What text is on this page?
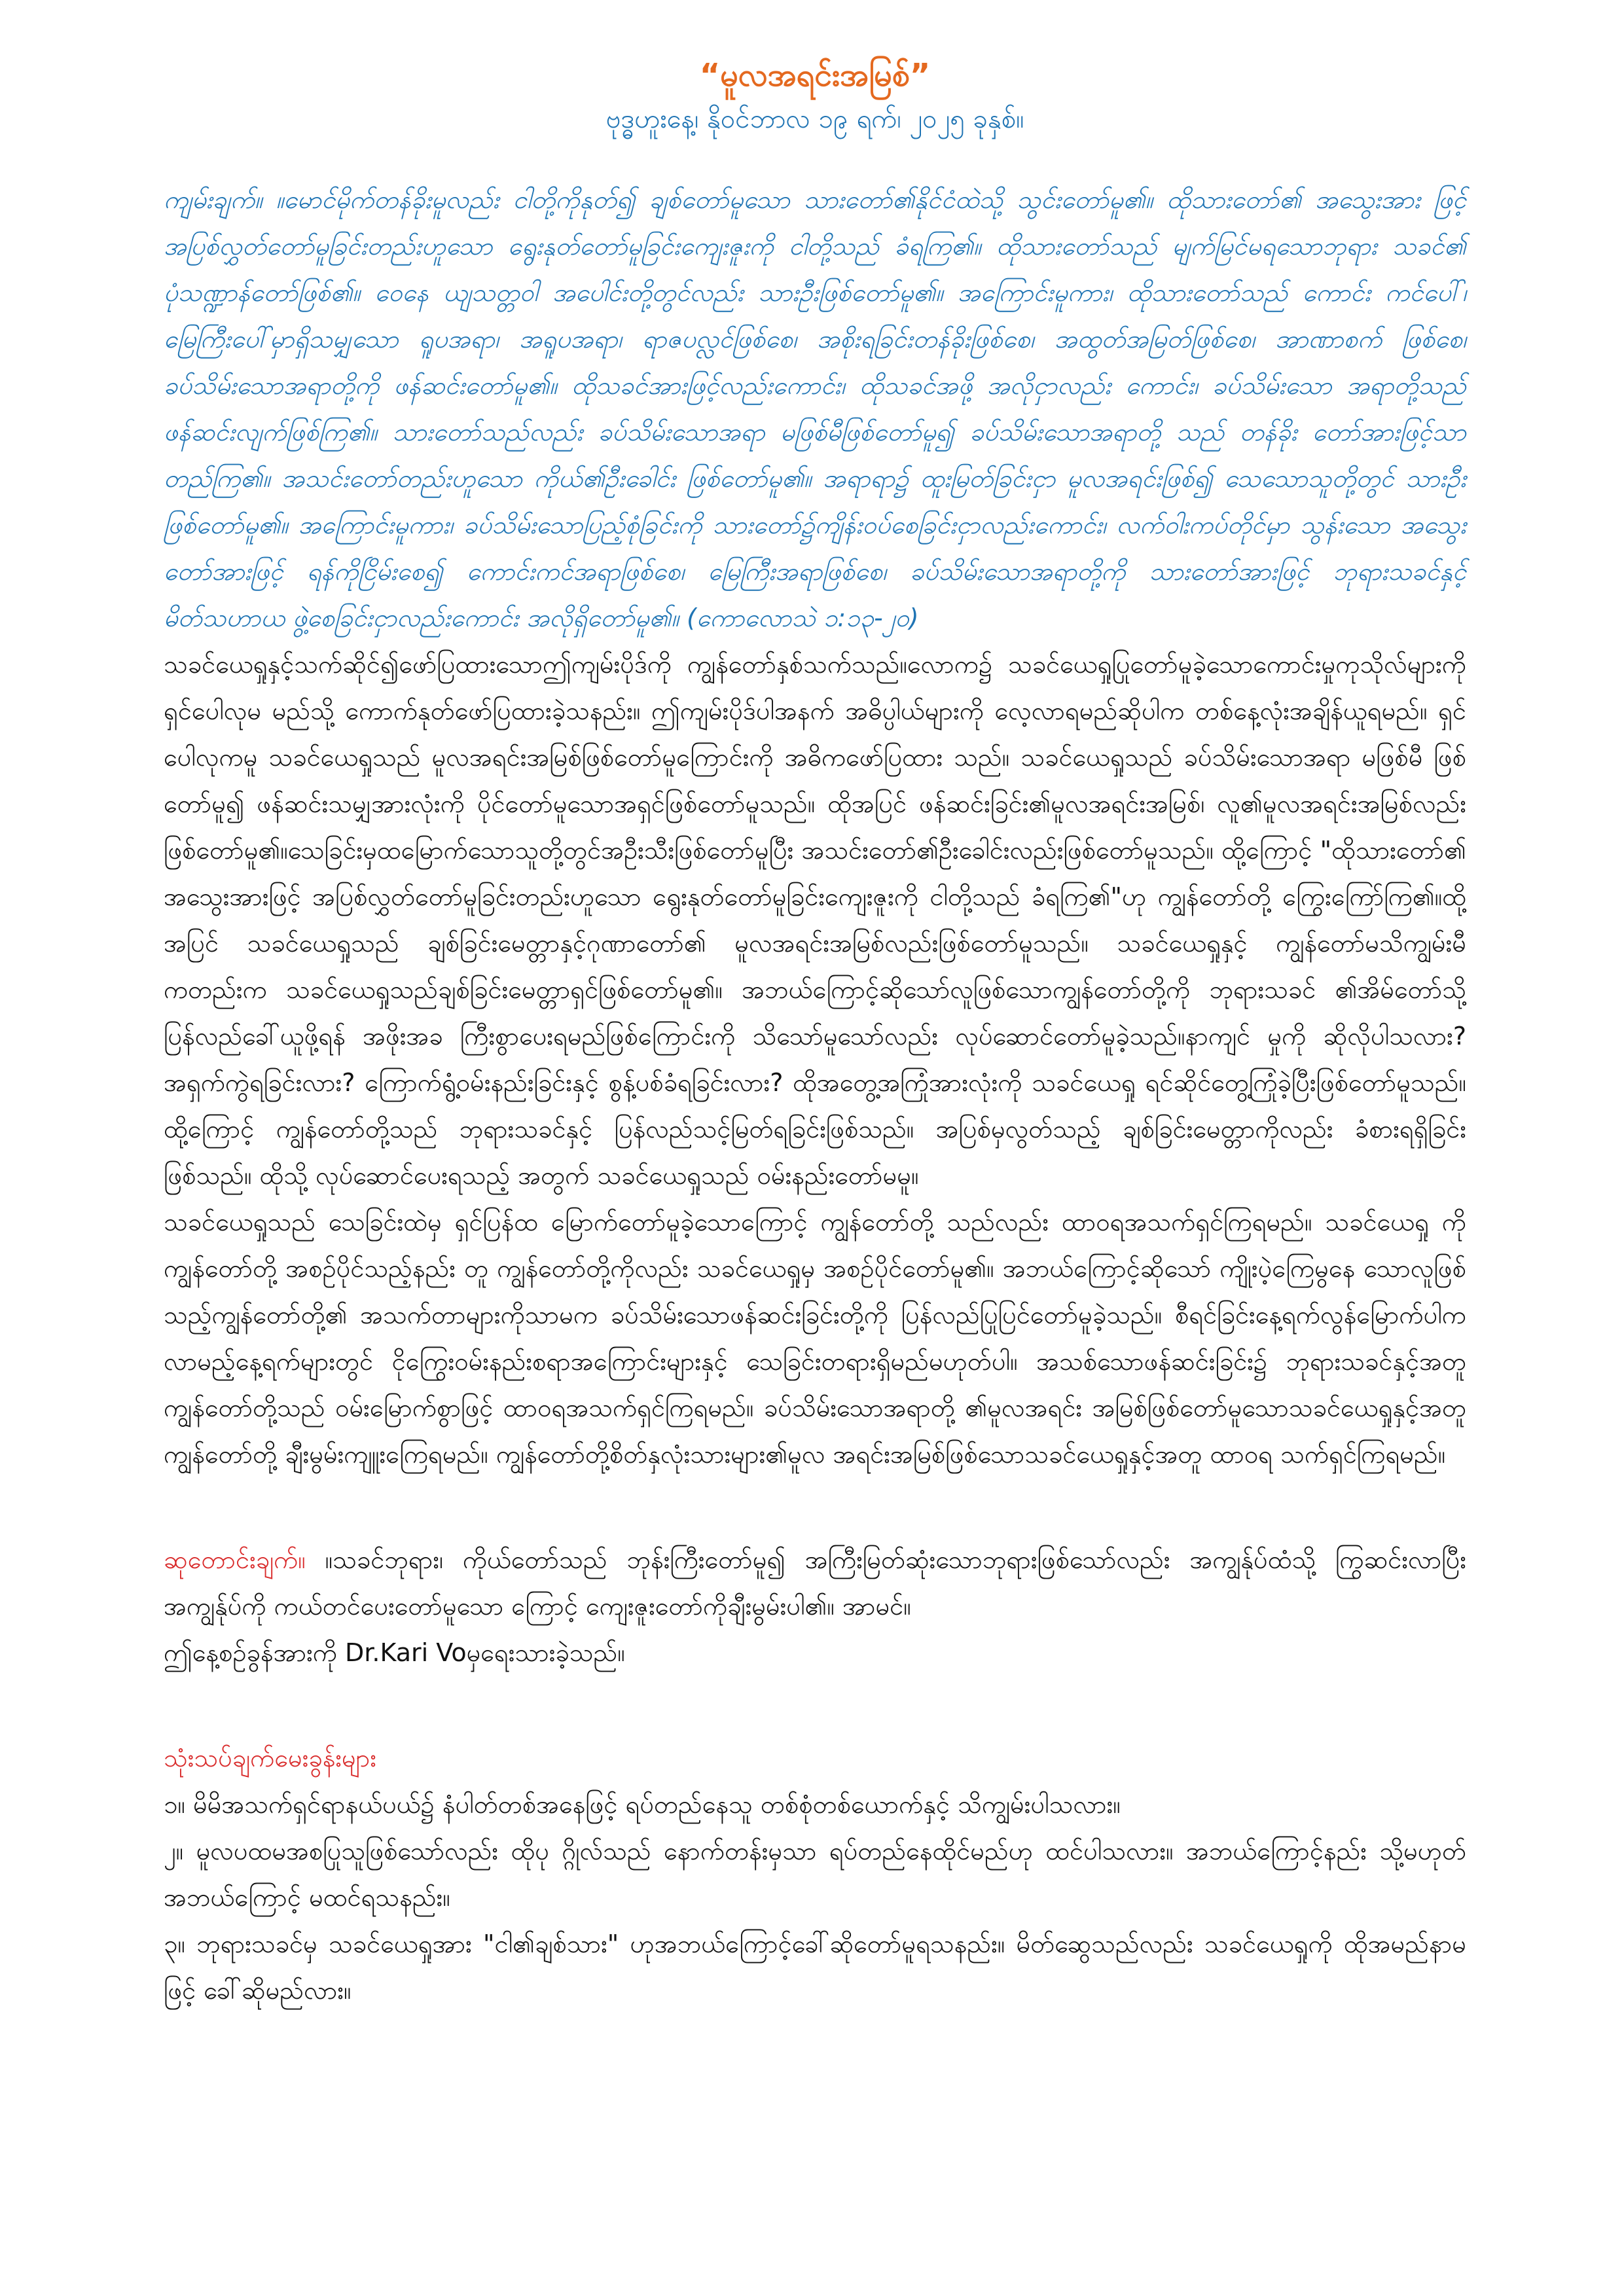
“မူလအရင်းအမြစ်”

ဗုဒ္ဓဟူးနေ့၊ နိုဝင်ဘာလ ၁၉ ရက်၊ ၂၀၂၅ ခုနှစ်။

ကျမ်းချက်။ ။မောင်မိုက်တန်ခိုးမူလည်း ငါတို့ကိုနုတ်၍ ချစ်တော်မူသော သားတော်၏နိုင်ငံထဲသို့ သွင်းတော်မူ၏။ ထိုသားတော်၏ အသွေးအား ဖြင့် အပြစ်လွှတ်တော်မူခြင်းတည်းဟူသော ရွေးနုတ်တော်မူခြင်းကျေးဇူးကို ငါတို့သည် ခံရကြ၏။ ထိုသားတော်သည် မျက်မြင်မရသောဘုရား သခင်၏ ပုံသဏ္ဍာန်တော်ဖြစ်၏။ ဝေနေ ယျသတ္တဝါ အပေါင်းတို့တွင်လည်း သားဦးဖြစ်တော်မူ၏။ အကြောင်းမူကား၊ ထိုသားတော်သည် ကောင်း ကင်ပေါ်၊ မြေကြီးပေါ်မှာရှိသမျှသော ရူပအရာ၊ အရူပအရာ၊ ရာဇပလ္လင်ဖြစ်စေ၊ အစိုးရခြင်းတန်ခိုးဖြစ်စေ၊ အထွတ်အမြတ်ဖြစ်စေ၊ အာဏာစက် ဖြစ်စေ၊ ခပ်သိမ်းသောအရာတို့ကို ဖန်ဆင်းတော်မူ၏။ ထိုသခင်အားဖြင့်လည်းကောင်း၊ ထိုသခင်အဖို့ အလိုငှာလည်း ကောင်း၊ ခပ်သိမ်းသော အရာတို့သည် ဖန်ဆင်းလျက်ဖြစ်ကြ၏။ သားတော်သည်လည်း ခပ်သိမ်းသောအရာ မဖြစ်မီဖြစ်တော်မူ၍ ခပ်သိမ်းသောအရာတို့ သည် တန်ခိုး တော်အားဖြင့်သာ တည်ကြ၏။ အသင်းတော်တည်းဟူသော ကိုယ်၏ဦးခေါင်း ဖြစ်တော်မူ၏။ အရာရာ၌ ထူးမြတ်ခြင်းငှာ မူလအရင်းဖြစ်၍ သေသောသူတို့တွင် သားဦးဖြစ်တော်မူ၏။ အကြောင်းမူကား၊ ခပ်သိမ်းသောပြည့်စုံခြင်းကို သားတော်၌ကျိန်းဝပ်စေခြင်းငှာလည်းကောင်း၊ လက်ဝါးကပ်တိုင်မှာ သွန်းသော အသွေးတော်အားဖြင့် ရန်ကိုငြိမ်းစေ၍ ကောင်းကင်အရာဖြစ်စေ၊ မြေကြီးအရာဖြစ်စေ၊ ခပ်သိမ်းသောအရာတို့ကို သားတော်အားဖြင့် ဘုရားသခင်နှင့် မိတ်သဟာယ ဖွဲ့စေခြင်းငှာလည်းကောင်း အလိုရှိတော်မူ၏။ (ကောလောသဲ ၁:၁၃-၂၀)

သခင်ယေရှုနှင့်သက်ဆိုင်၍ဖော်ပြထားသောဤကျမ်းပိုဒ်ကို ကျွန်တော်နှစ်သက်သည်။လောက၌ သခင်ယေရှုပြုတော်မူခဲ့သောကောင်းမှုကုသိုလ်များကို ရှင်ပေါလုမ မည်သို့ ကောက်နုတ်ဖော်ပြထားခဲ့သနည်း။ ဤကျမ်းပိုဒ်ပါအနက် အဓိပ္ပါယ်များကို လေ့လာရမည်ဆိုပါက တစ်နေ့လုံးအချိန်ယူရမည်။ ရှင်ပေါလုကမူ သခင်ယေရှုသည် မူလအရင်းအမြစ်ဖြစ်တော်မူကြောင်းကို အဓိကဖော်ပြထား သည်။ သခင်ယေရှုသည် ခပ်သိမ်းသောအရာ မဖြစ်မီ ဖြစ်တော်မူ၍ ဖန်ဆင်းသမျှအားလုံးကို ပိုင်တော်မူသောအရှင်ဖြစ်တော်မူသည်။ ထိုအပြင် ဖန်ဆင်းခြင်း၏မူလအရင်းအမြစ်၊ လူ၏မူလအရင်းအမြစ်လည်းဖြစ်တော်မူ၏။သေခြင်းမှထမြောက်သောသူတို့တွင်အဦးသီးဖြစ်တော်မူပြီး အသင်းတော်၏ဦးခေါင်းလည်းဖြစ်တော်မူသည်။ ထို့ကြောင့် "ထိုသားတော်၏ အသွေးအားဖြင့် အပြစ်လွှတ်တော်မူခြင်းတည်းဟူသော ရွေးနုတ်တော်မူခြင်းကျေးဇူးကို ငါတို့သည် ခံရကြ၏"ဟု ကျွန်တော်တို့ ကြွေးကြော်ကြ၏။ထို့အပြင် သခင်ယေရှုသည် ချစ်ခြင်းမေတ္တာနှင့်ဂုဏာတော်၏ မူလအရင်းအမြစ်လည်းဖြစ်တော်မူသည်။ သခင်ယေရှုနှင့် ကျွန်တော်မသိကျွမ်းမီကတည်းက သခင်ယေရှုသည်ချစ်ခြင်းမေတ္တာရှင်ဖြစ်တော်မူ၏။ အဘယ်ကြောင့်ဆိုသော်လူဖြစ်သောကျွန်တော်တို့ကို ဘုရားသခင် ၏အိမ်တော်သို့ ပြန်လည်ခေါ်ယူဖို့ရန် အဖိုးအခ ကြီးစွာပေးရမည်ဖြစ်ကြောင်းကို သိသော်မူသော်လည်း လုပ်ဆောင်တော်မူခဲ့သည်။နာကျင် မှုကို ဆိုလိုပါသလား?အရှက်ကွဲရခြင်းလား? ကြောက်ရွံ့ဝမ်းနည်းခြင်းနှင့် စွန့်ပစ်ခံရခြင်းလား? ထိုအတွေ့အကြုံအားလုံးကို သခင်ယေရှု ရင်ဆိုင်တွေ့ကြုံခဲ့ပြီးဖြစ်တော်မူသည်။ ထို့ကြောင့် ကျွန်တော်တို့သည် ဘုရားသခင်နှင့် ပြန်လည်သင့်မြတ်ရခြင်းဖြစ်သည်။ အပြစ်မှလွတ်သည့် ချစ်ခြင်းမေတ္တာကိုလည်း ခံစားရရှိခြင်းဖြစ်သည်။ ထိုသို့ လုပ်ဆောင်ပေးရသည့် အတွက် သခင်ယေရှုသည် ဝမ်းနည်းတော်မမူ။

သခင်ယေရှုသည် သေခြင်းထဲမှ ရှင်ပြန်ထ မြောက်တော်မူခဲ့သောကြောင့် ကျွန်တော်တို့ သည်လည်း ထာဝရအသက်ရှင်ကြရမည်။ သခင်ယေရှု ကို ကျွန်တော်တို့ အစဉ်ပိုင်သည့်နည်း တူ ကျွန်တော်တို့ကိုလည်း သခင်ယေရှုမှ အစဉ်ပိုင်တော်မူ၏။ အဘယ်ကြောင့်ဆိုသော် ကျိုးပဲ့ကြေမွနေ သောလူဖြစ်သည့်ကျွန်တော်တို့၏ အသက်တာများကိုသာမက ခပ်သိမ်းသောဖန်ဆင်းခြင်းတို့ကို ပြန်လည်ပြုပြင်တော်မူခဲ့သည်။ စီရင်ခြင်းနေ့ရက်လွန်မြောက်ပါက လာမည့်နေ့ရက်များတွင် ငိုကြွေးဝမ်းနည်းစရာအကြောင်းများနှင့် သေခြင်းတရားရှိမည်မဟုတ်ပါ။ အသစ်သောဖန်ဆင်းခြင်း၌ ဘုရားသခင်နှင့်အတူ ကျွန်တော်တို့သည် ဝမ်းမြောက်စွာဖြင့် ထာဝရအသက်ရှင်ကြရမည်။ ခပ်သိမ်းသောအရာတို့ ၏မူလအရင်း အမြစ်ဖြစ်တော်မူသောသခင်ယေရှုနှင့်အတူ ကျွန်တော်တို့ ချီးမွမ်းကျူးကြေရမည်။ ကျွန်တော်တို့စိတ်နှလုံးသားများ၏မူလ အရင်းအမြစ်ဖြစ်သောသခင်ယေရှုနှင့်အတူ ထာဝရ သက်ရှင်ကြရမည်။

ဆုတောင်းချက်။ ။သခင်ဘုရား၊ ကိုယ်တော်သည် ဘုန်းကြီးတော်မူ၍ အကြီးမြတ်ဆုံးသောဘုရားဖြစ်သော်လည်း အကျွန်ုပ်ထံသို့ ကြွဆင်းလာပြီး အကျွန်ုပ်ကို ကယ်တင်ပေးတော်မူသော ကြောင့် ကျေးဇူးတော်ကိုချီးမွမ်းပါ၏။ အာမင်။

ဤနေ့စဉ်ခွန်အားကို Dr.Kari Voမှရေးသားခဲ့သည်။

သုံးသပ်ချက်မေးခွန်းများ

၁။ မိမိအသက်ရှင်ရာနယ်ပယ်၌ နံပါတ်တစ်အနေဖြင့် ရပ်တည်နေသူ တစ်စုံတစ်ယောက်နှင့် သိကျွမ်းပါသလား။

၂။ မူလပထမအစပြုသူဖြစ်သော်လည်း ထိုပု ဂ္ဂိုလ်သည် နောက်တန်းမှသာ ရပ်တည်နေထိုင်မည်ဟု ထင်ပါသလား။ အဘယ်ကြောင့်နည်း သို့မဟုတ် အဘယ်ကြောင့် မထင်ရသနည်း။

၃။ ဘုရားသခင်မှ သခင်ယေရှုအား "ငါ၏ချစ်သား" ဟုအဘယ်ကြောင့်ခေါ်ဆိုတော်မူရသနည်း။ မိတ်ဆွေသည်လည်း သခင်ယေရှုကို ထိုအမည်နာမဖြင့် ခေါ်ဆိုမည်လား။
